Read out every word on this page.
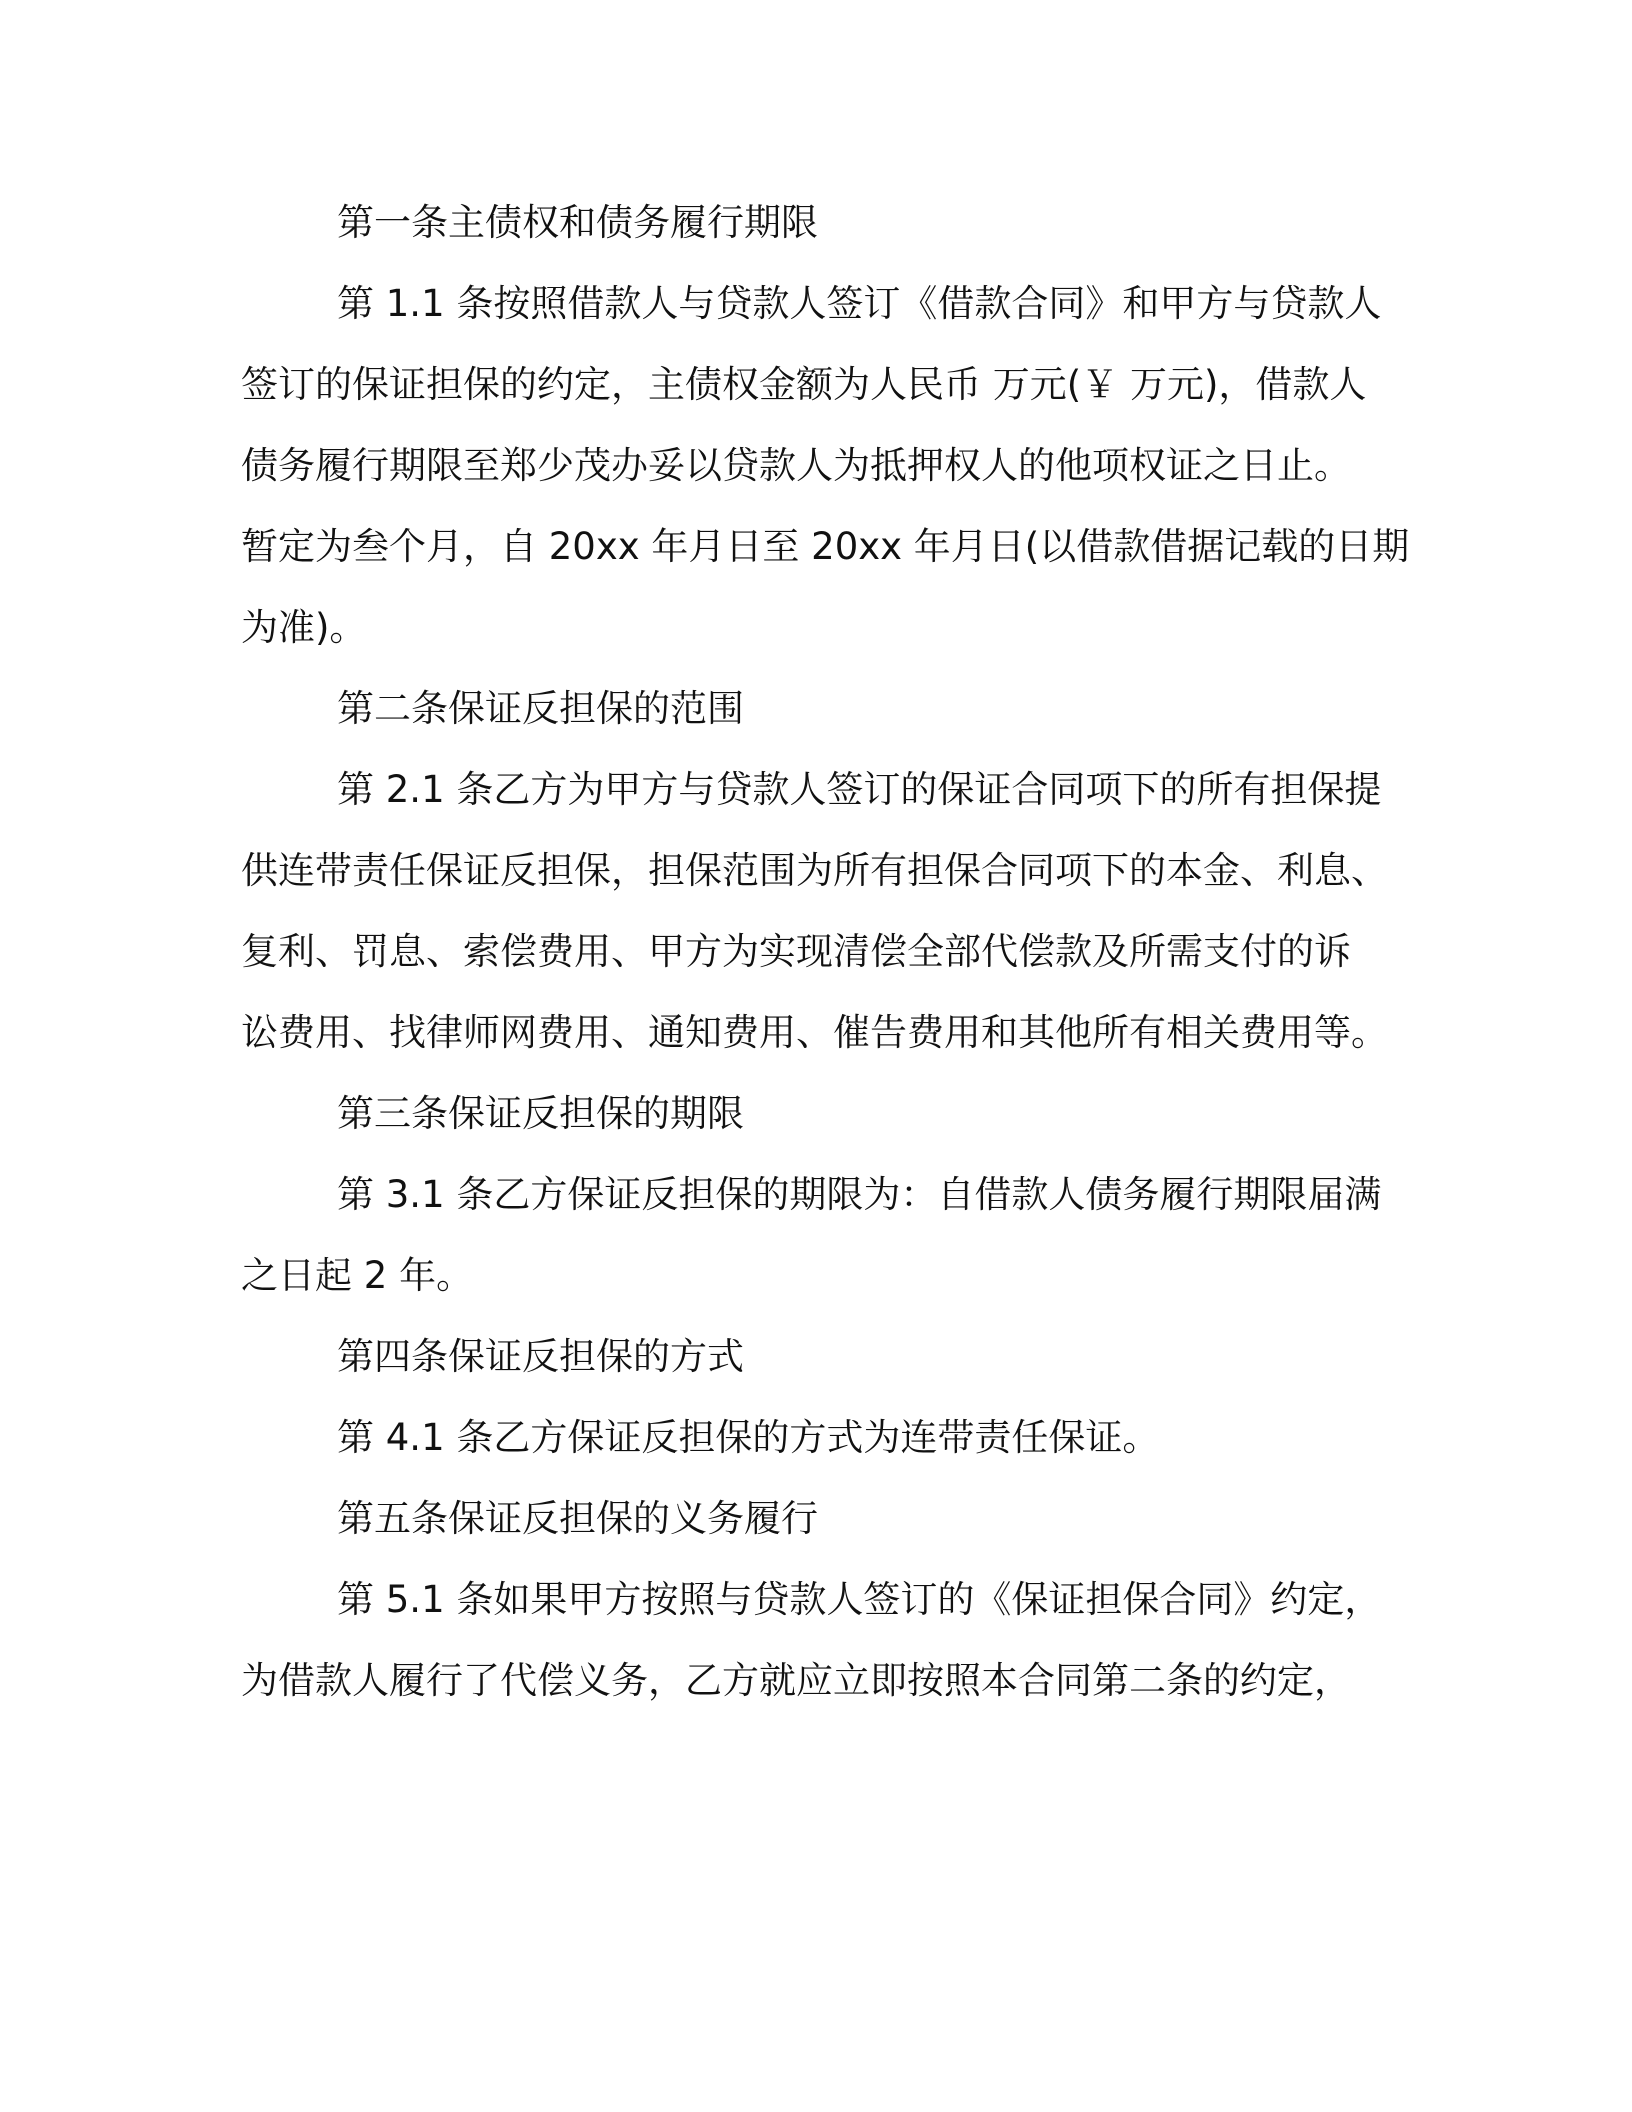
第一条主债权和债务履行期限

第 1.1 条按照借款人与贷款人签订《借款合同》和甲方与贷款人
签订的保证担保的约定，主债权金额为人民币 万元(￥ 万元)，借款人
债务履行期限至郑少茂办妥以贷款人为抵押权人的他项权证之日止。
暂定为叁个月，自 20xx 年月日至 20xx 年月日(以借款借据记载的日期
为准)。

第二条保证反担保的范围

第 2.1 条乙方为甲方与贷款人签订的保证合同项下的所有担保提
供连带责任保证反担保，担保范围为所有担保合同项下的本金、利息、
复利、罚息、索偿费用、甲方为实现清偿全部代偿款及所需支付的诉
讼费用、找律师网费用、通知费用、催告费用和其他所有相关费用等。

第三条保证反担保的期限

第 3.1 条乙方保证反担保的期限为：自借款人债务履行期限届满
之日起 2 年。

第四条保证反担保的方式

第 4.1 条乙方保证反担保的方式为连带责任保证。

第五条保证反担保的义务履行

第 5.1 条如果甲方按照与贷款人签订的《保证担保合同》约定，
为借款人履行了代偿义务，乙方就应立即按照本合同第二条的约定，
